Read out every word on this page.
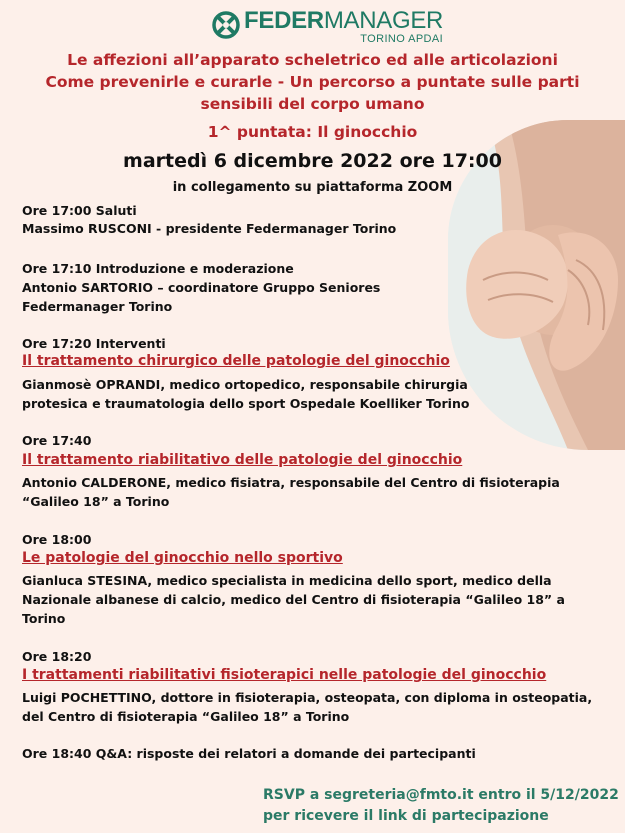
FEDERMANAGER
TORINO APDAI
Le affezioni all’apparato scheletrico ed alle articolazioni
Come prevenirle e curarle - Un percorso a puntate sulle parti
sensibili del corpo umano
1^ puntata: Il ginocchio
martedì 6 dicembre 2022 ore 17:00
in collegamento su piattaforma ZOOM
Ore 17:00 Saluti
Massimo RUSCONI - presidente Federmanager Torino
Ore 17:10 Introduzione e moderazione
Antonio SARTORIO – coordinatore Gruppo Seniores
Federmanager Torino
Ore 17:20 Interventi
Il trattamento chirurgico delle patologie del ginocchio
Gianmosè OPRANDI, medico ortopedico, responsabile chirurgia
protesica e traumatologia dello sport Ospedale Koelliker Torino
Ore 17:40
Il trattamento riabilitativo delle patologie del ginocchio
Antonio CALDERONE, medico fisiatra, responsabile del Centro di fisioterapia
“Galileo 18” a Torino
Ore 18:00
Le patologie del ginocchio nello sportivo
Gianluca STESINA, medico specialista in medicina dello sport, medico della
Nazionale albanese di calcio, medico del Centro di fisioterapia “Galileo 18” a
Torino
Ore 18:20
I trattamenti riabilitativi fisioterapici nelle patologie del ginocchio
Luigi POCHETTINO, dottore in fisioterapia, osteopata, con diploma in osteopatia,
del Centro di fisioterapia “Galileo 18” a Torino
Ore 18:40 Q&A: risposte dei relatori a domande dei partecipanti
RSVP a segreteria@fmto.it entro il 5/12/2022
per ricevere il link di partecipazione
